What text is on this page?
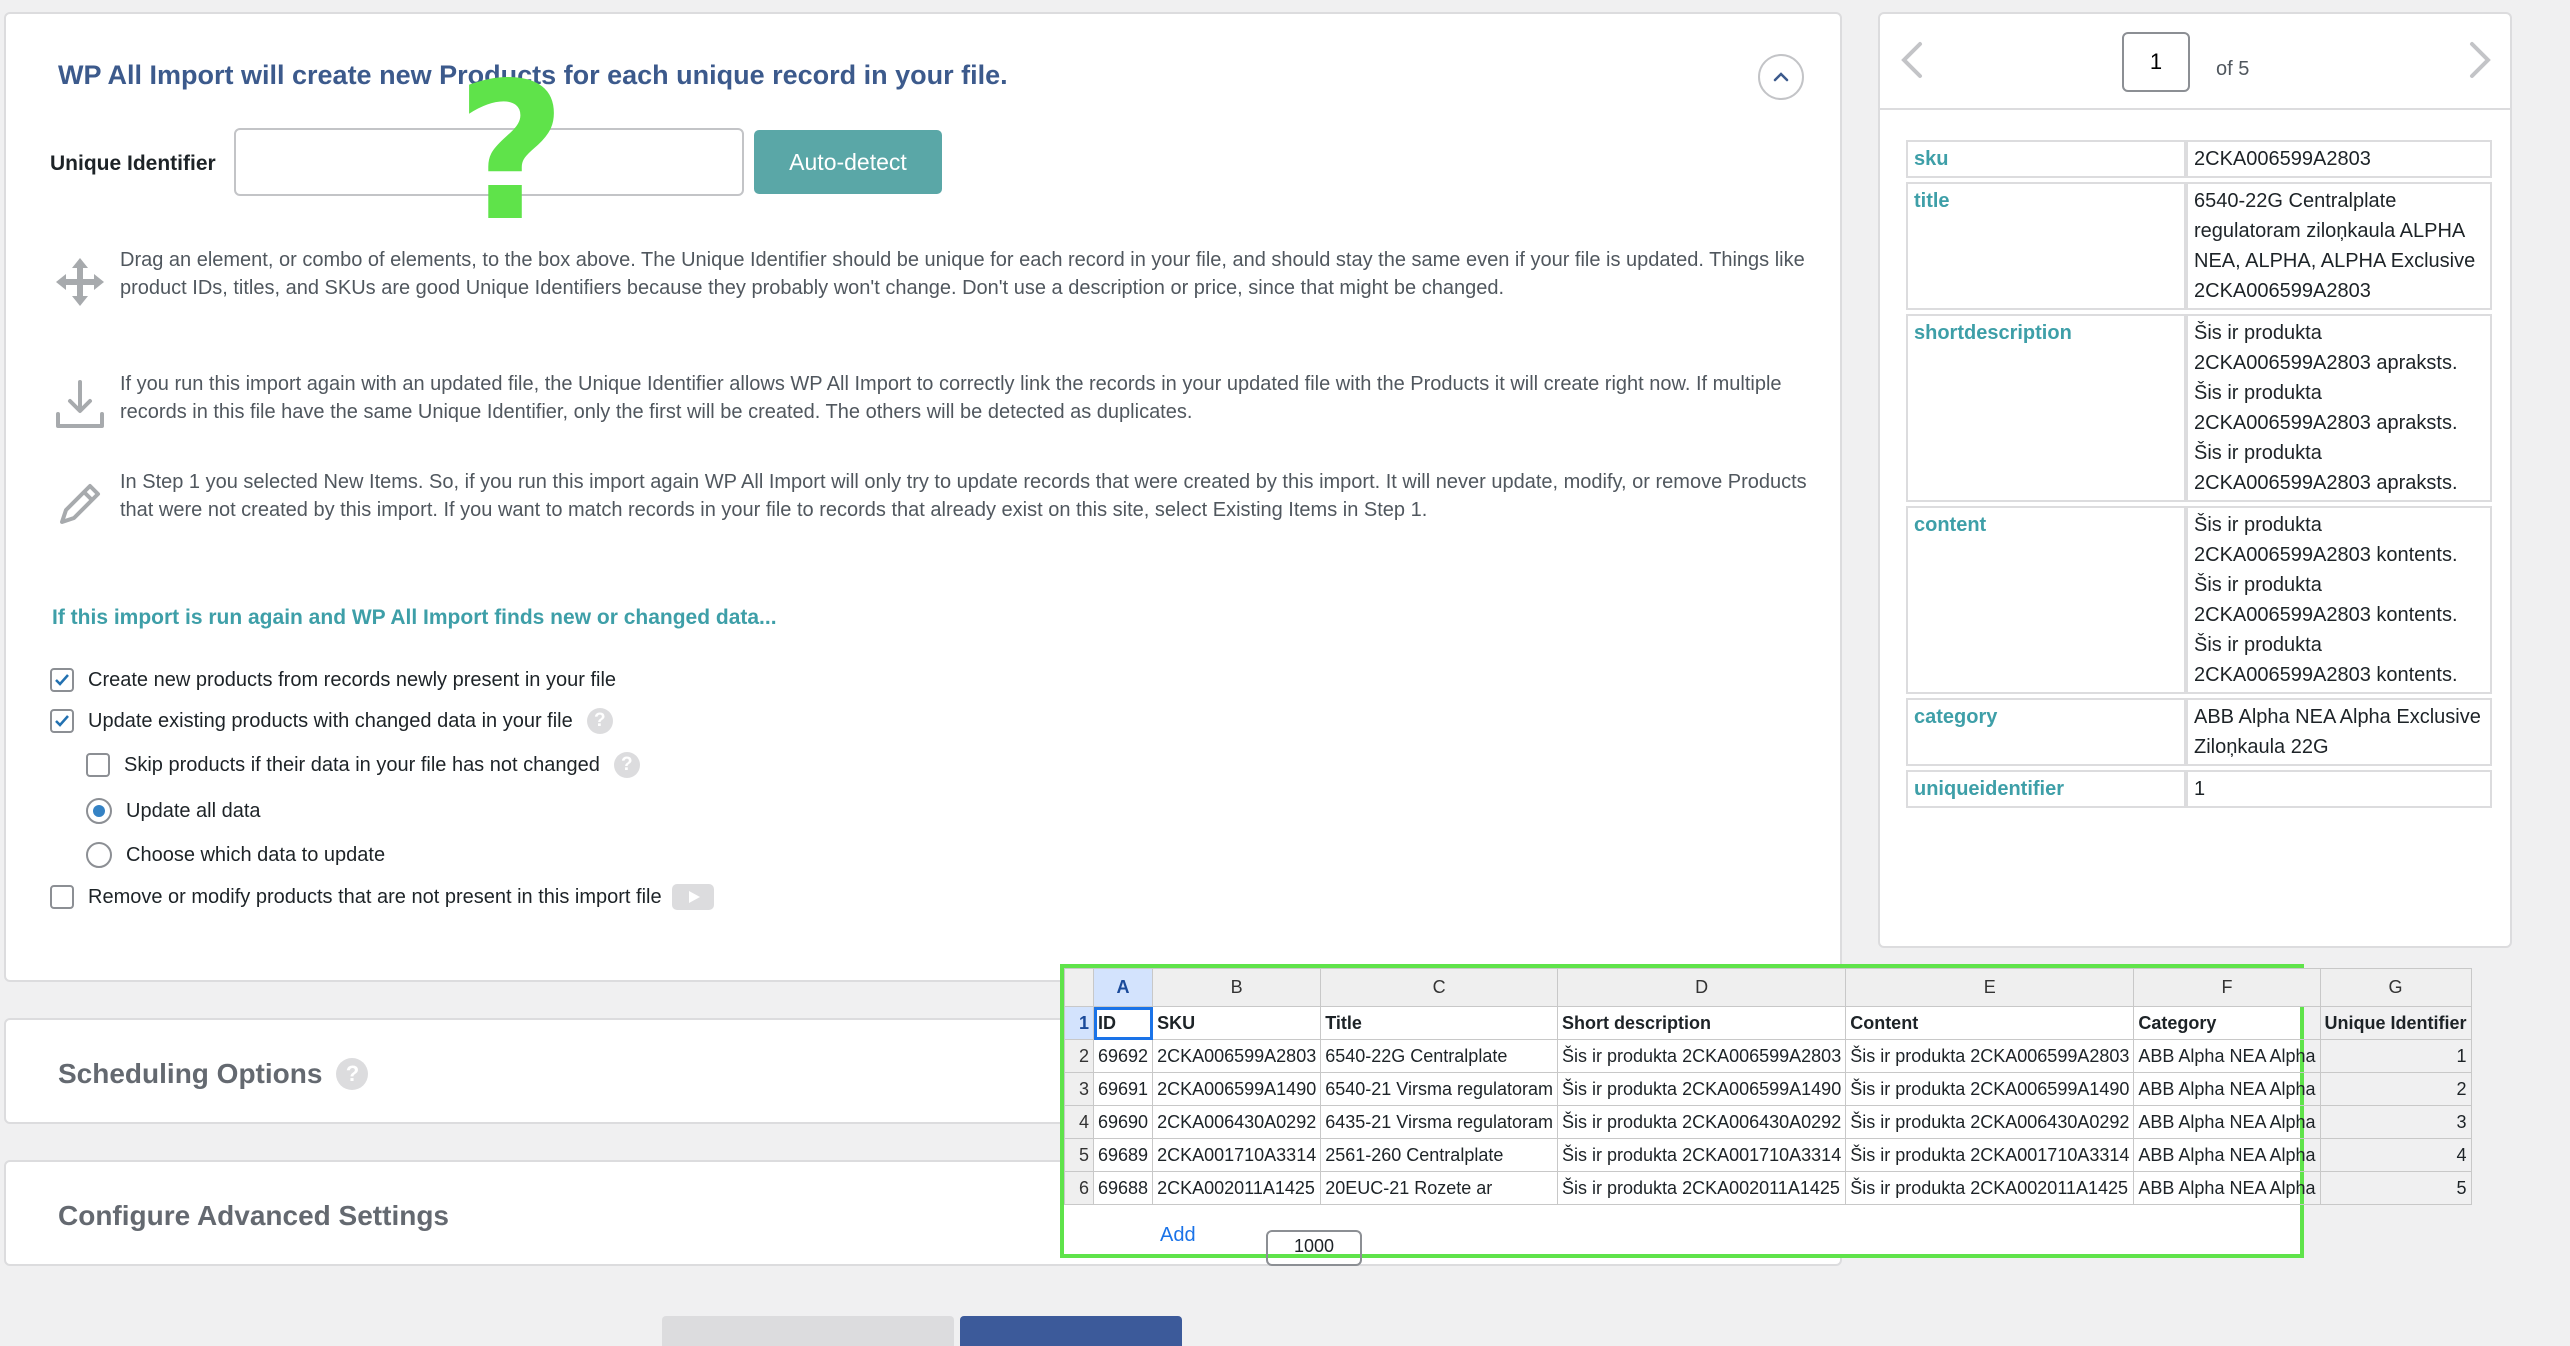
WP All Import will create new Products for each unique record in your file.
Unique Identifier ?	Auto-detect
Drag an element, or combo of elements, to the box above. The Unique Identifier should be unique for each record in your file, and should stay the same even if your file is updated. Things like product IDs, titles, and SKUs are good Unique Identifiers because they probably won't change. Don't use a description or price, since that might be changed.
If you run this import again with an updated file, the Unique Identifier allows WP All Import to correctly link the records in your updated file with the Products it will create right now. If multiple records in this file have the same Unique Identifier, only the first will be created. The others will be detected as duplicates.
In Step 1 you selected New Items. So, if you run this import again WP All Import will only try to update records that were created by this import. It will never update, modify, or remove Products that were not created by this import. If you want to match records in your file to records that already exist on this site, select Existing Items in Step 1.
If this import is run again and WP All Import finds new or changed data...
Create new products from records newly present in your file
Update existing products with changed data in your file	?
Skip products if their data in your file has not changed	?
Update all data
Choose which data to update
Remove or modify products that are not present in this import file
Scheduling Options	?
Configure Advanced Settings
1
of 5
sku	2CKA006599A2803
title	6540-22G Centralplate regulatoram ziloņkaula ALPHA NEA, ALPHA, ALPHA Exclusive 2CKA006599A2803
shortdescription	Šis ir produkta 2CKA006599A2803 apraksts. Šis ir produkta 2CKA006599A2803 apraksts. Šis ir produkta 2CKA006599A2803 apraksts.
content	Šis ir produkta 2CKA006599A2803 kontents. Šis ir produkta 2CKA006599A2803 kontents. Šis ir produkta 2CKA006599A2803 kontents.
category	ABB Alpha NEA Alpha Exclusive Ziloņkaula 22G
uniqueidentifier	1
	A	B	C	D	E	F	G
1	ID	SKU	Title	Short description	Content	Category	Unique Identifier
2	69692	2CKA006599A2803	6540-22G Centralplate	Šis ir produkta 2CKA006599A2803	Šis ir produkta 2CKA006599A2803	ABB Alpha NEA Alpha	1
3	69691	2CKA006599A1490	6540-21 Virsma regulatoram	Šis ir produkta 2CKA006599A1490	Šis ir produkta 2CKA006599A1490	ABB Alpha NEA Alpha	2
4	69690	2CKA006430A0292	6435-21 Virsma regulatoram	Šis ir produkta 2CKA006430A0292	Šis ir produkta 2CKA006430A0292	ABB Alpha NEA Alpha	3
5	69689	2CKA001710A3314	2561-260 Centralplate	Šis ir produkta 2CKA001710A3314	Šis ir produkta 2CKA001710A3314	ABB Alpha NEA Alpha	4
6	69688	2CKA002011A1425	20EUC-21 Rozete ar	Šis ir produkta 2CKA002011A1425	Šis ir produkta 2CKA002011A1425	ABB Alpha NEA Alpha	5
Add	1000
